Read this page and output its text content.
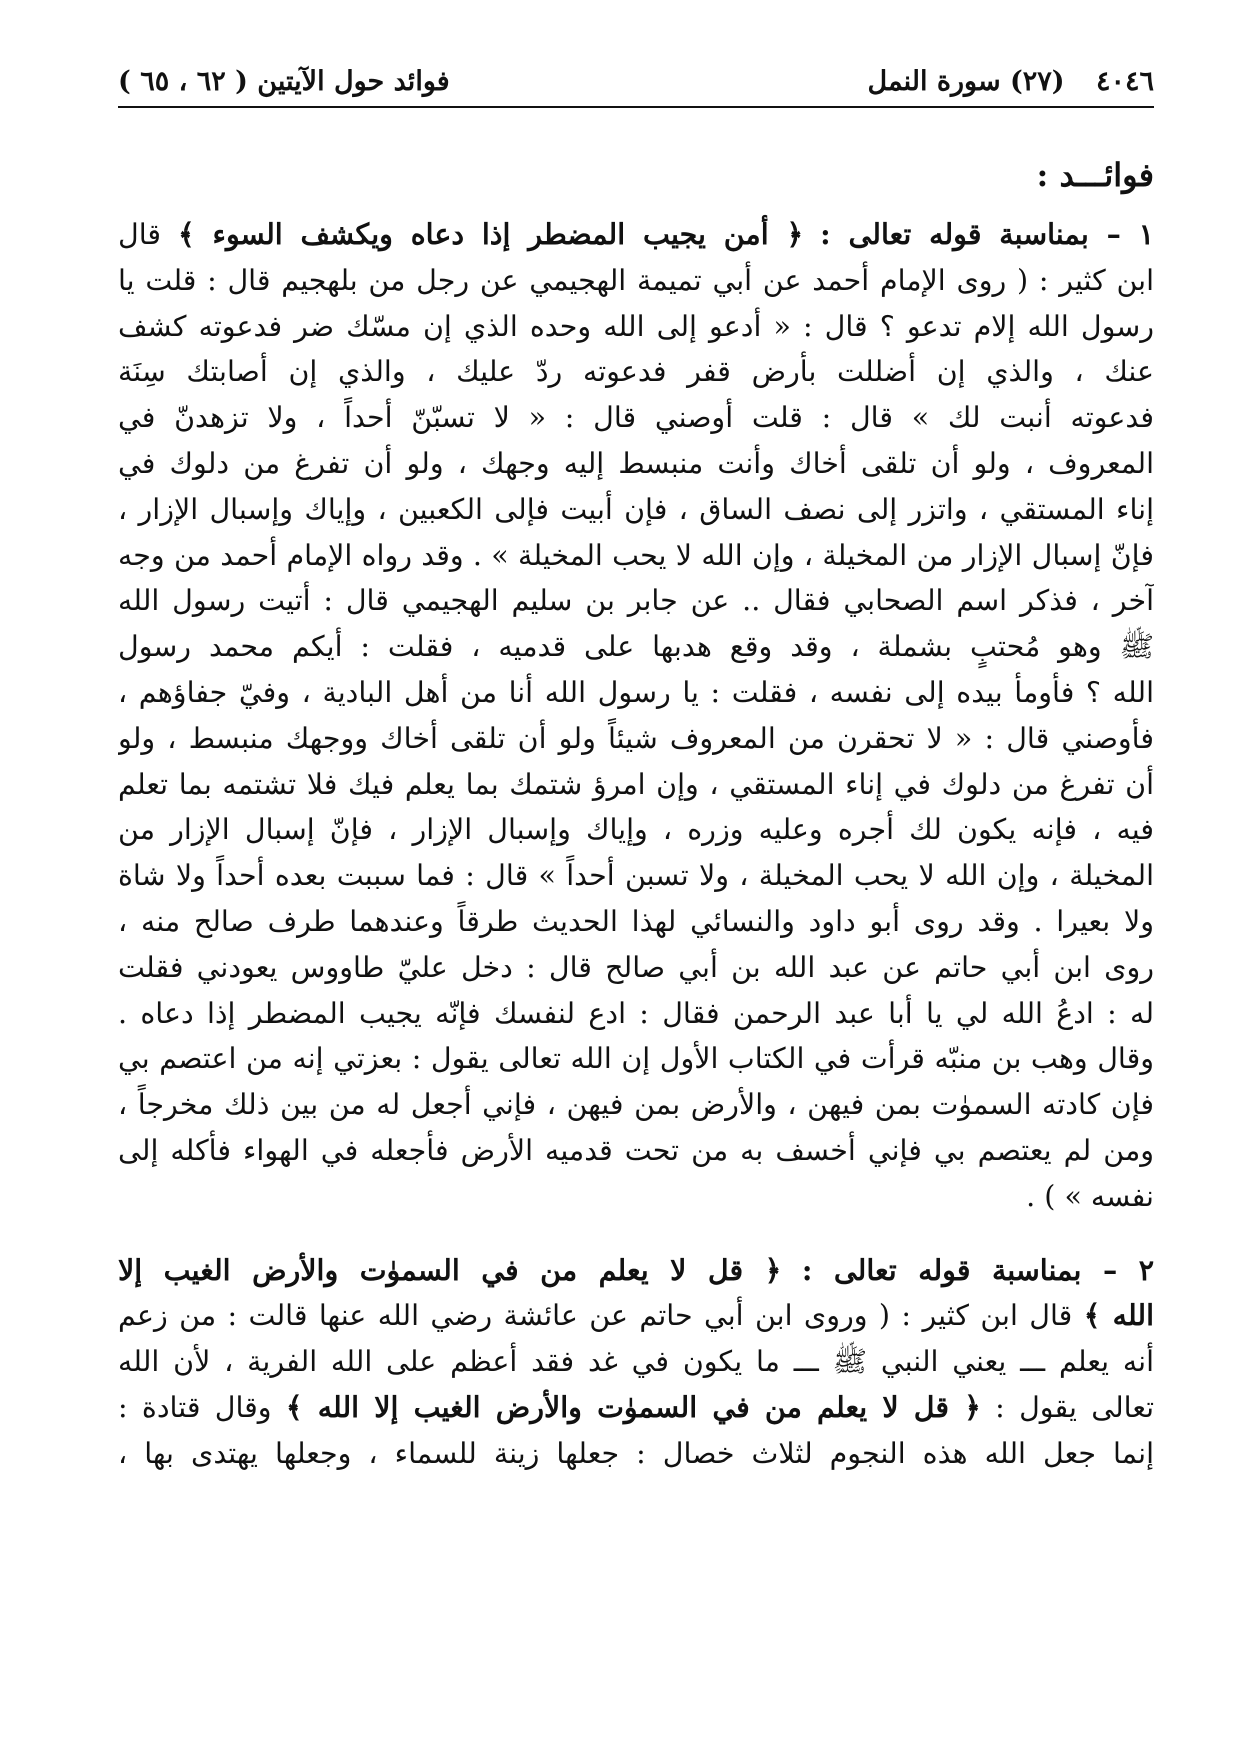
٤٠٤٦ (٢٧) سورة النمل
فوائد حول الآيتين ( ٦٢ ، ٦٥ )
فوائـــد :
١ – بمناسبة قوله تعالى : ﴿ أمن يجيب المضطر إذا دعاه ويكشف السوء ﴾ قال
ابن كثير : ( روى الإمام أحمد عن أبي تميمة الهجيمي عن رجل من بلهجيم قال : قلت يا
رسول الله إلام تدعو ؟ قال : « أدعو إلى الله وحده الذي إن مسّك ضر فدعوته كشف
عنك ، والذي إن أضللت بأرض قفر فدعوته ردّ عليك ، والذي إن أصابتك سِنَة
فدعوته أنبت لك » قال : قلت أوصني قال : « لا تسبّنّ أحداً ، ولا تزهدنّ في
المعروف ، ولو أن تلقى أخاك وأنت منبسط إليه وجهك ، ولو أن تفرغ من دلوك في
إناء المستقي ، واتزر إلى نصف الساق ، فإن أبيت فإلى الكعبين ، وإياك وإسبال الإزار ،
فإنّ إسبال الإزار من المخيلة ، وإن الله لا يحب المخيلة » . وقد رواه الإمام أحمد من وجه
آخر ، فذكر اسم الصحابي فقال .. عن جابر بن سليم الهجيمي قال : أتيت رسول الله
ﷺ وهو مُحتبٍ بشملة ، وقد وقع هدبها على قدميه ، فقلت : أيكم محمد رسول
الله ؟ فأومأ بيده إلى نفسه ، فقلت : يا رسول الله أنا من أهل البادية ، وفيّ جفاؤهم ،
فأوصني قال : « لا تحقرن من المعروف شيئاً ولو أن تلقى أخاك ووجهك منبسط ، ولو
أن تفرغ من دلوك في إناء المستقي ، وإن امرؤ شتمك بما يعلم فيك فلا تشتمه بما تعلم
فيه ، فإنه يكون لك أجره وعليه وزره ، وإياك وإسبال الإزار ، فإنّ إسبال الإزار من
المخيلة ، وإن الله لا يحب المخيلة ، ولا تسبن أحداً » قال : فما سببت بعده أحداً ولا شاة
ولا بعيرا . وقد روى أبو داود والنسائي لهذا الحديث طرقاً وعندهما طرف صالح منه ،
روى ابن أبي حاتم عن عبد الله بن أبي صالح قال : دخل عليّ طاووس يعودني فقلت
له : ادعُ الله لي يا أبا عبد الرحمن فقال : ادع لنفسك فإنّه يجيب المضطر إذا دعاه .
وقال وهب بن منبّه قرأت في الكتاب الأول إن الله تعالى يقول : بعزتي إنه من اعتصم بي
فإن كادته السموٰت بمن فيهن ، والأرض بمن فيهن ، فإني أجعل له من بين ذلك مخرجاً ،
ومن لم يعتصم بي فإني أخسف به من تحت قدميه الأرض فأجعله في الهواء فأكله إلى
نفسه » ) .
٢ – بمناسبة قوله تعالى : ﴿ قل لا يعلم من في السموٰت والأرض الغيب إلا
الله ﴾ قال ابن كثير : ( وروى ابن أبي حاتم عن عائشة رضي الله عنها قالت : من زعم
أنه يعلم ـــ يعني النبي ﷺ ـــ ما يكون في غد فقد أعظم على الله الفرية ، لأن الله
تعالى يقول : ﴿ قل لا يعلم من في السموٰت والأرض الغيب إلا الله ﴾ وقال قتادة :
إنما جعل الله هذه النجوم لثلاث خصال : جعلها زينة للسماء ، وجعلها يهتدى بها ،
